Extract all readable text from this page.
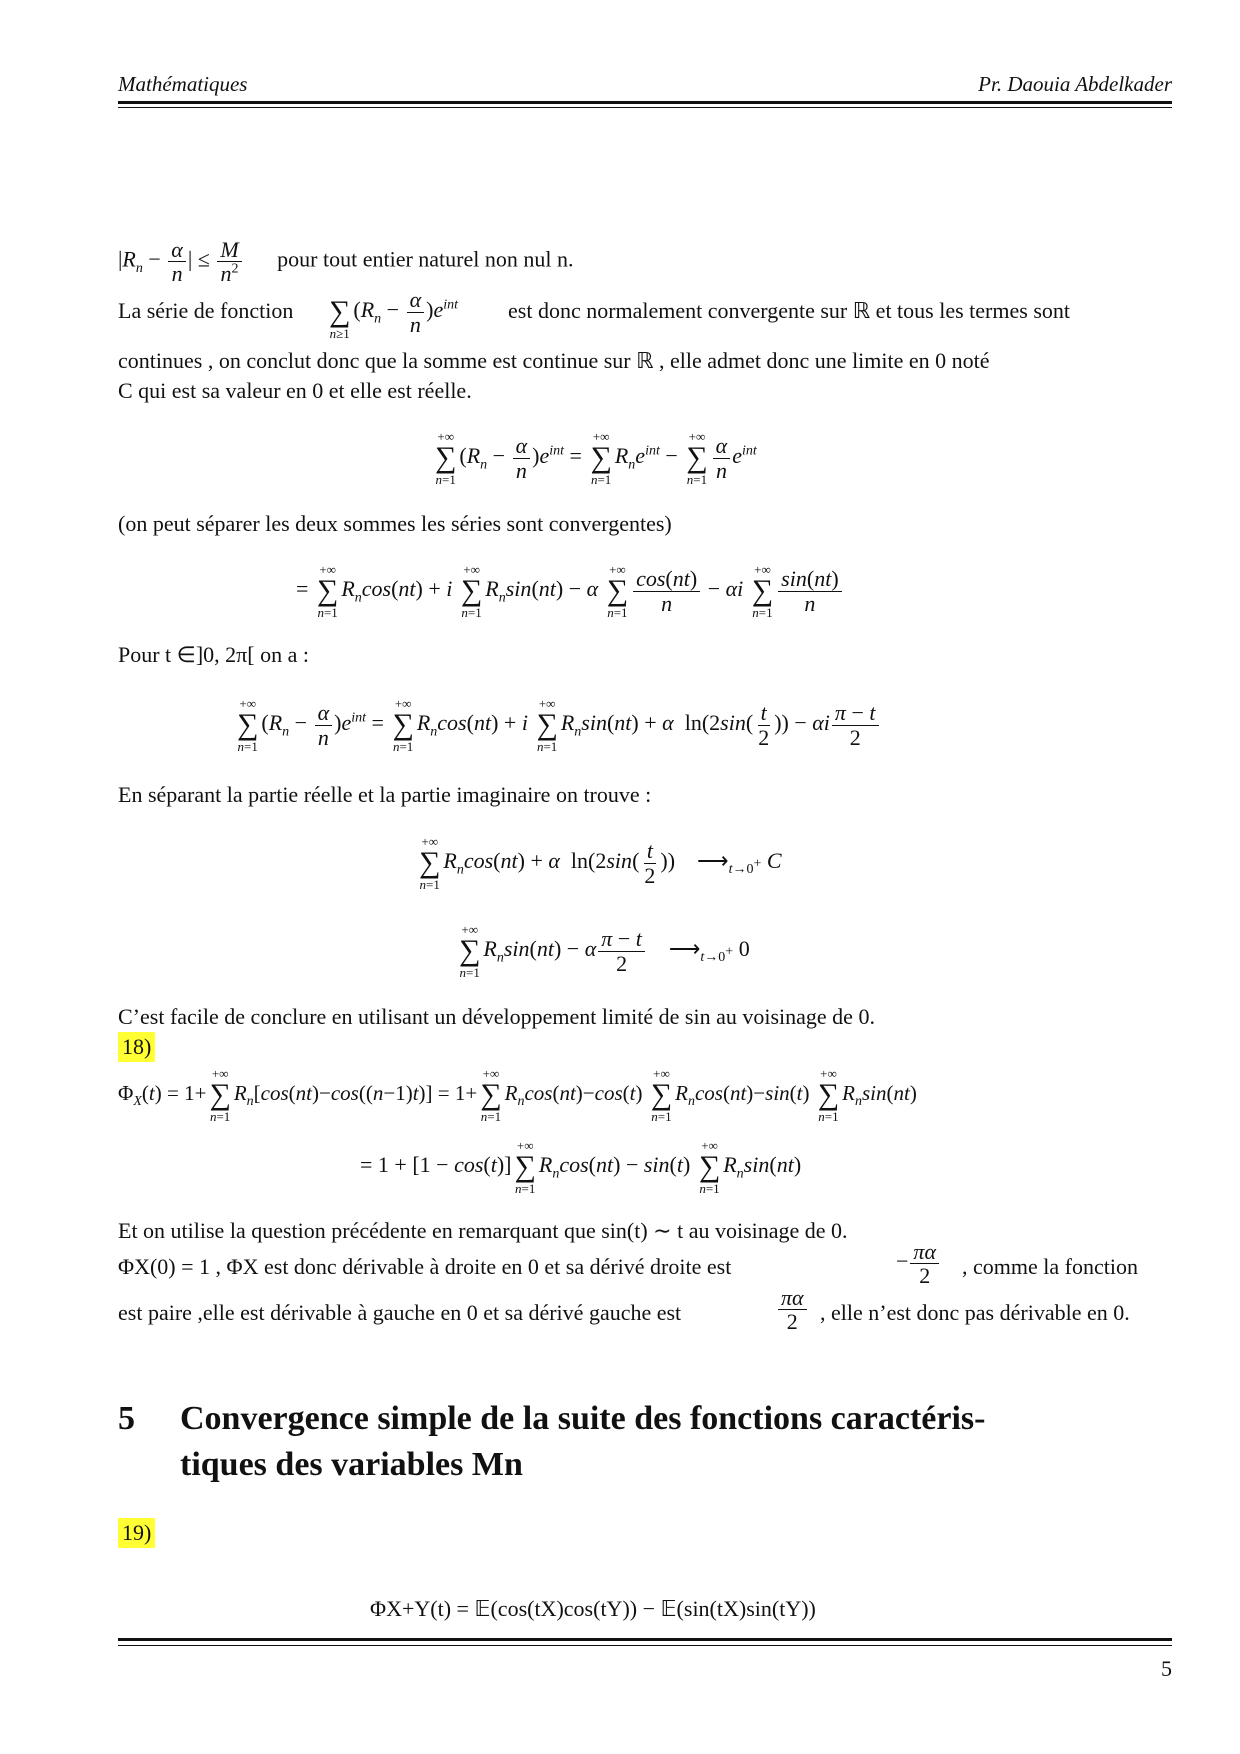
Mathématiques	Pr. Daouia Abdelkader
$|R_n - \frac{\alpha}{n}$ | ≤ $\frac{M}{n^2}$ pour tout entier naturel non nul n.
La série de fonction
∑
n≥1
$(R_n - \frac{\alpha}{n} )e^{int}$ est donc normalement convergente sur ℝ et tous les termes sont
continues , on conclut donc que la somme est continue sur ℝ , elle admet donc une limite en 0 noté
C qui est sa valeur en 0 et elle est réelle.
+∞
∑
n=1
$(R_n - \frac{\alpha}{n} )e^{int}$ =
+∞
∑
n=1
$R_ne^{int}$ −
+∞
∑
$n=1 \frac{\alpha}{n} e^{int}$
(on peut séparer les deux sommes les séries sont convergentes)
=
+∞
∑
n=1
$R_n\cos(nt) + i$
+∞
∑
n=1
$R_n\sin(nt) - \alpha$
+∞
∑
$n=1 \frac{\cos(nt)}{n} - \alpha i$
+∞
∑
$n=1 \frac{\sin(nt)}{n}$
Pour t ∈]0, 2π[ on a :
+∞
∑
n=1
$(R_n - \frac{\alpha}{n} )e^{int}$ =
+∞
∑
n=1
$R_n\cos(nt) + i$
+∞
∑
n=1
$R_n\sin(nt) + \alpha$  $\ln(2\sin( \frac{t}{2}$ )) − αi $\frac{\pi - t}{2}$
En séparant la partie réelle et la partie imaginaire on trouve :
+∞
∑
n=1
$R_n\cos(nt) + \alpha$  $\ln(2\sin( \frac{t}{2}$ ))    $⟶_{t\to 0^+}$ C
+∞
∑
n=1
$R_n\sin(nt) - \alpha \frac{\pi - t}{2}$ $⟶_{t\to 0^+}$ 0
C’est facile de conclure en utilisant un développement limité de sin au voisinage de 0.
18)
$\Phi_X(t) = 1+$
+∞
∑
n=1
$R_n[\cos(nt)-\cos((n-1)t)] = 1+$
+∞
∑
n=1
$R_n\cos(nt)-\cos(t)$
+∞
∑
n=1
$R_n\cos(nt)-\sin(t)$
+∞
∑
n=1
$R_n\sin(nt)$
= 1 + [1 − cos(t)]
+∞
∑
n=1
$R_n\cos(nt) - \sin(t)$
+∞
∑
n=1
$R_n\sin(nt)$
Et on utilise la question précédente en remarquant que sin(t) ∼ t au voisinage de 0.
ΦX(0) = 1 , ΦX est donc dérivable à droite en 0 et sa dérivé droite est	− $\frac{\pi\alpha}{2}$ , comme la fonction
est paire ,elle est dérivable à gauche en 0 et sa dérivé gauche est	$\frac{\pi\alpha}{2}$ , elle n’est donc pas dérivable en 0.
5 Convergence simple de la suite des fonctions caractéris-
tiques des variables Mn
19)
ΦX+Y(t) = 𝔼(cos(tX)cos(tY)) − 𝔼(sin(tX)sin(tY))
5
